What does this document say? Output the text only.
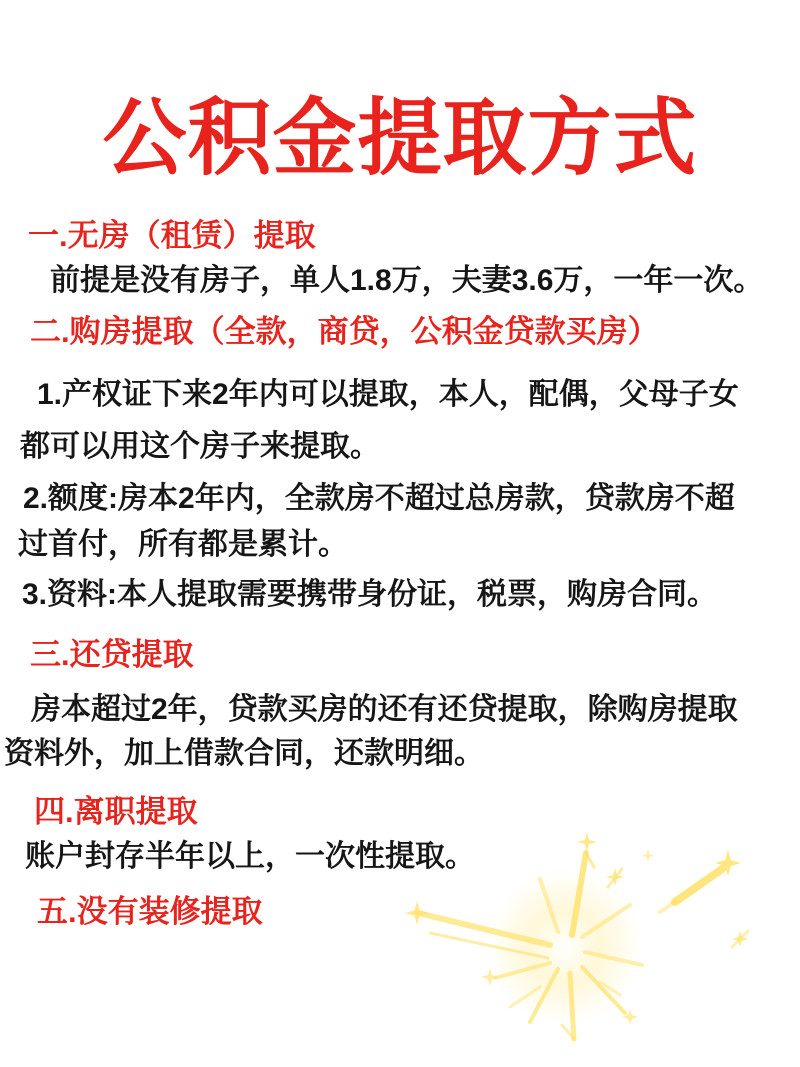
公积金提取方式
一.无房（租赁）提取
前提是没有房子，单人1.8万，夫妻3.6万，一年一次。
二.购房提取（全款，商贷，公积金贷款买房）
1.产权证下来2年内可以提取，本人，配偶，父母子女
都可以用这个房子来提取。
2.额度:房本2年内，全款房不超过总房款，贷款房不超
过首付，所有都是累计。
3.资料:本人提取需要携带身份证，税票，购房合同。
三.还贷提取
房本超过2年，贷款买房的还有还贷提取，除购房提取
资料外，加上借款合同，还款明细。
四.离职提取
账户封存半年以上，一次性提取。
五.没有装修提取
